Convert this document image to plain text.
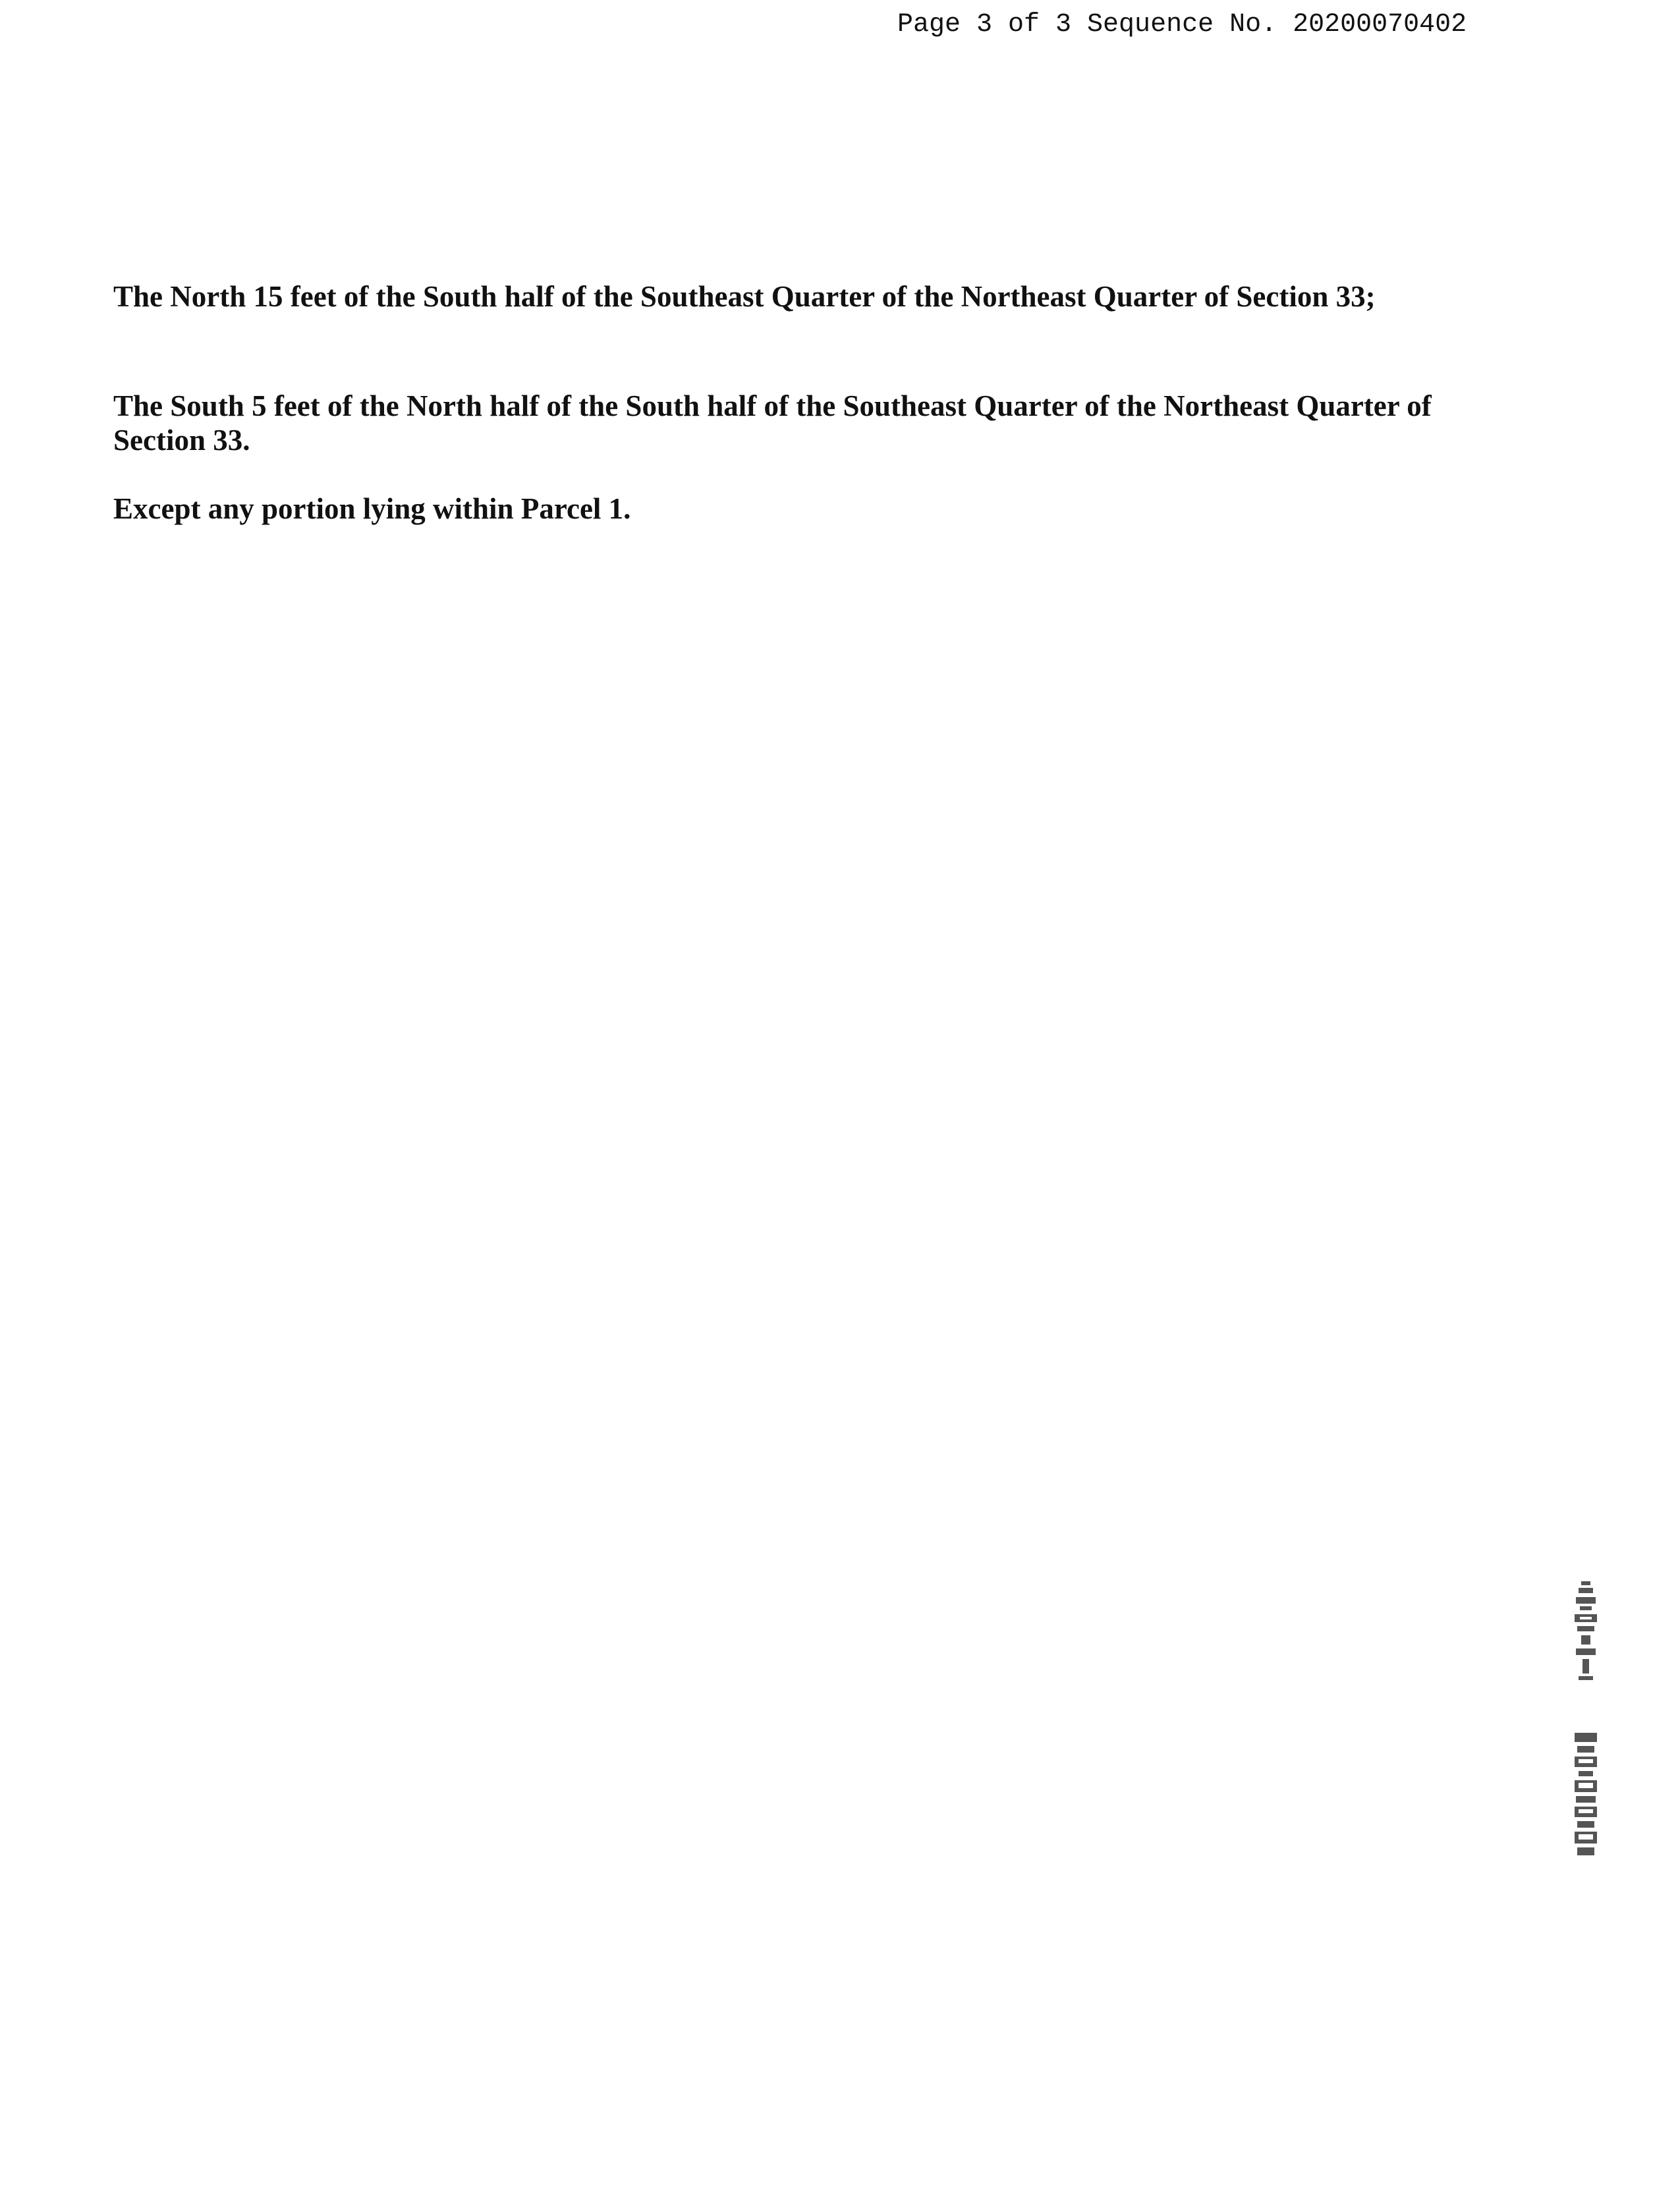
Page 3 of 3 Sequence No. 20200070402

The North 15 feet of the South half of the Southeast Quarter of the Northeast Quarter of Section 33;

The South 5 feet of the North half of the South half of the Southeast Quarter of the Northeast Quarter of Section 33.

Except any portion lying within Parcel 1.
